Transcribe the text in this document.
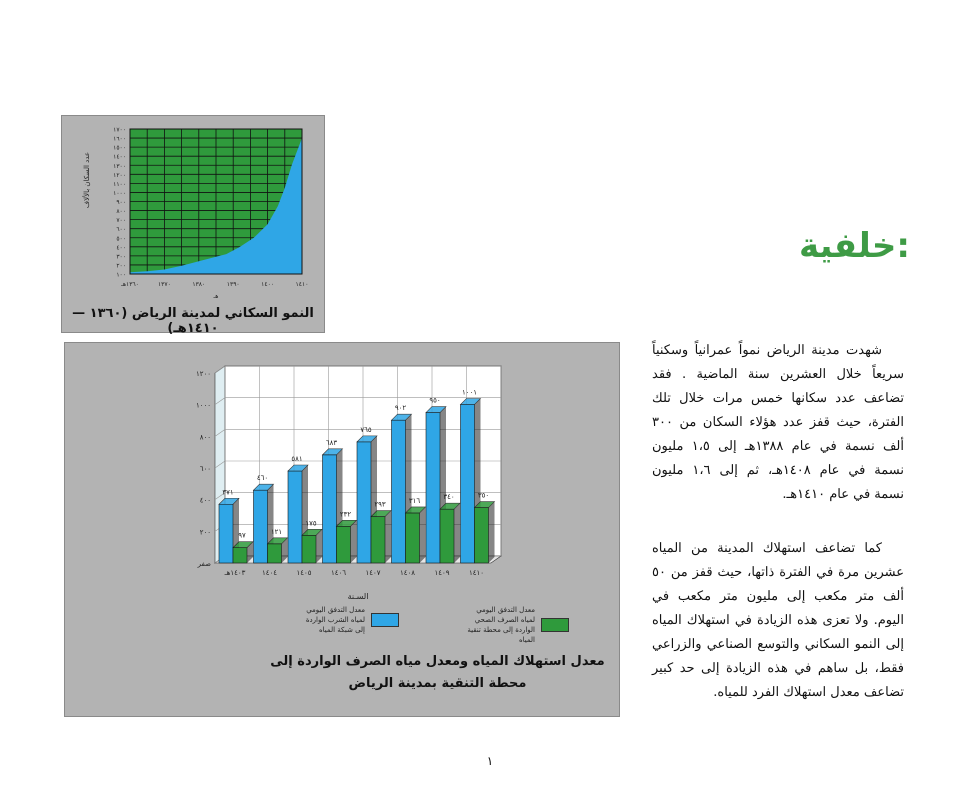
١٠٠
٢٠٠
٣٠٠
٤٠٠
٥٠٠
٦٠٠
٧٠٠
٨٠٠
٩٠٠
١٠٠٠
١١٠٠
١٢٠٠
١٣٠٠
١٤٠٠
١٥٠٠
١٦٠٠
١٧٠٠
١٣٦٠هـ	١٣٧٠	١٣٨٠	١٣٩٠	١٤٠٠	١٤١٠
هـ
عدد السكان بالألاف
النمو السكاني لمدينة الرياض (١٣٦٠ — ١٤١٠هـ)
صفر
٢٠٠
٤٠٠
٦٠٠
٨٠٠
١٠٠٠
١٢٠٠
٣٧١
٩٧
١٤٠٣هـ
٤٦٠
١٢١
١٤٠٤
٥٨١
١٧٥
١٤٠٥
٦٨٣
٢٣٢
١٤٠٦
٧٦٥
٢٩٣
١٤٠٧
٩٠٢
٣١٦
١٤٠٨
٩٥٠
٣٤٠
١٤٠٩
١٠٠١
٣٥٠
١٤١٠
السـنة
معدل التدفق اليومي لمياه الصرف الصحي الواردة إلى محطة تنقية المياه
معدل التدفق اليومي لمياه الشرب الواردة إلى شبكة المياه
معدل استهلاك المياه ومعدل مياه الصرف الواردة إلى محطة التنقية بمدينة الرياض
خلفية:
شهدت مدينة الرياض نمواً عمرانياً وسكنياً سريعاً خلال العشرين سنة الماضية . فقد تضاعف عدد سكانها خمس مرات خلال تلك الفترة، حيث قفز عدد هؤلاء السكان من ٣٠٠ ألف نسمة في عام ١٣٨٨هـ إلى ١،٥ مليون نسمة في عام ١٤٠٨هـ، ثم إلى ١،٦ مليون نسمة في عام ١٤١٠هـ.
كما تضاعف استهلاك المدينة من المياه عشرين مرة في الفترة ذاتها، حيث قفز من ٥٠ ألف متر مكعب إلى مليون متر مكعب في اليوم. ولا تعزى هذه الزيادة في استهلاك المياه إلى النمو السكاني والتوسع الصناعي والزراعي فقط، بل ساهم في هذه الزيادة إلى حد كبير تضاعف معدل استهلاك الفرد للمياه.
١
